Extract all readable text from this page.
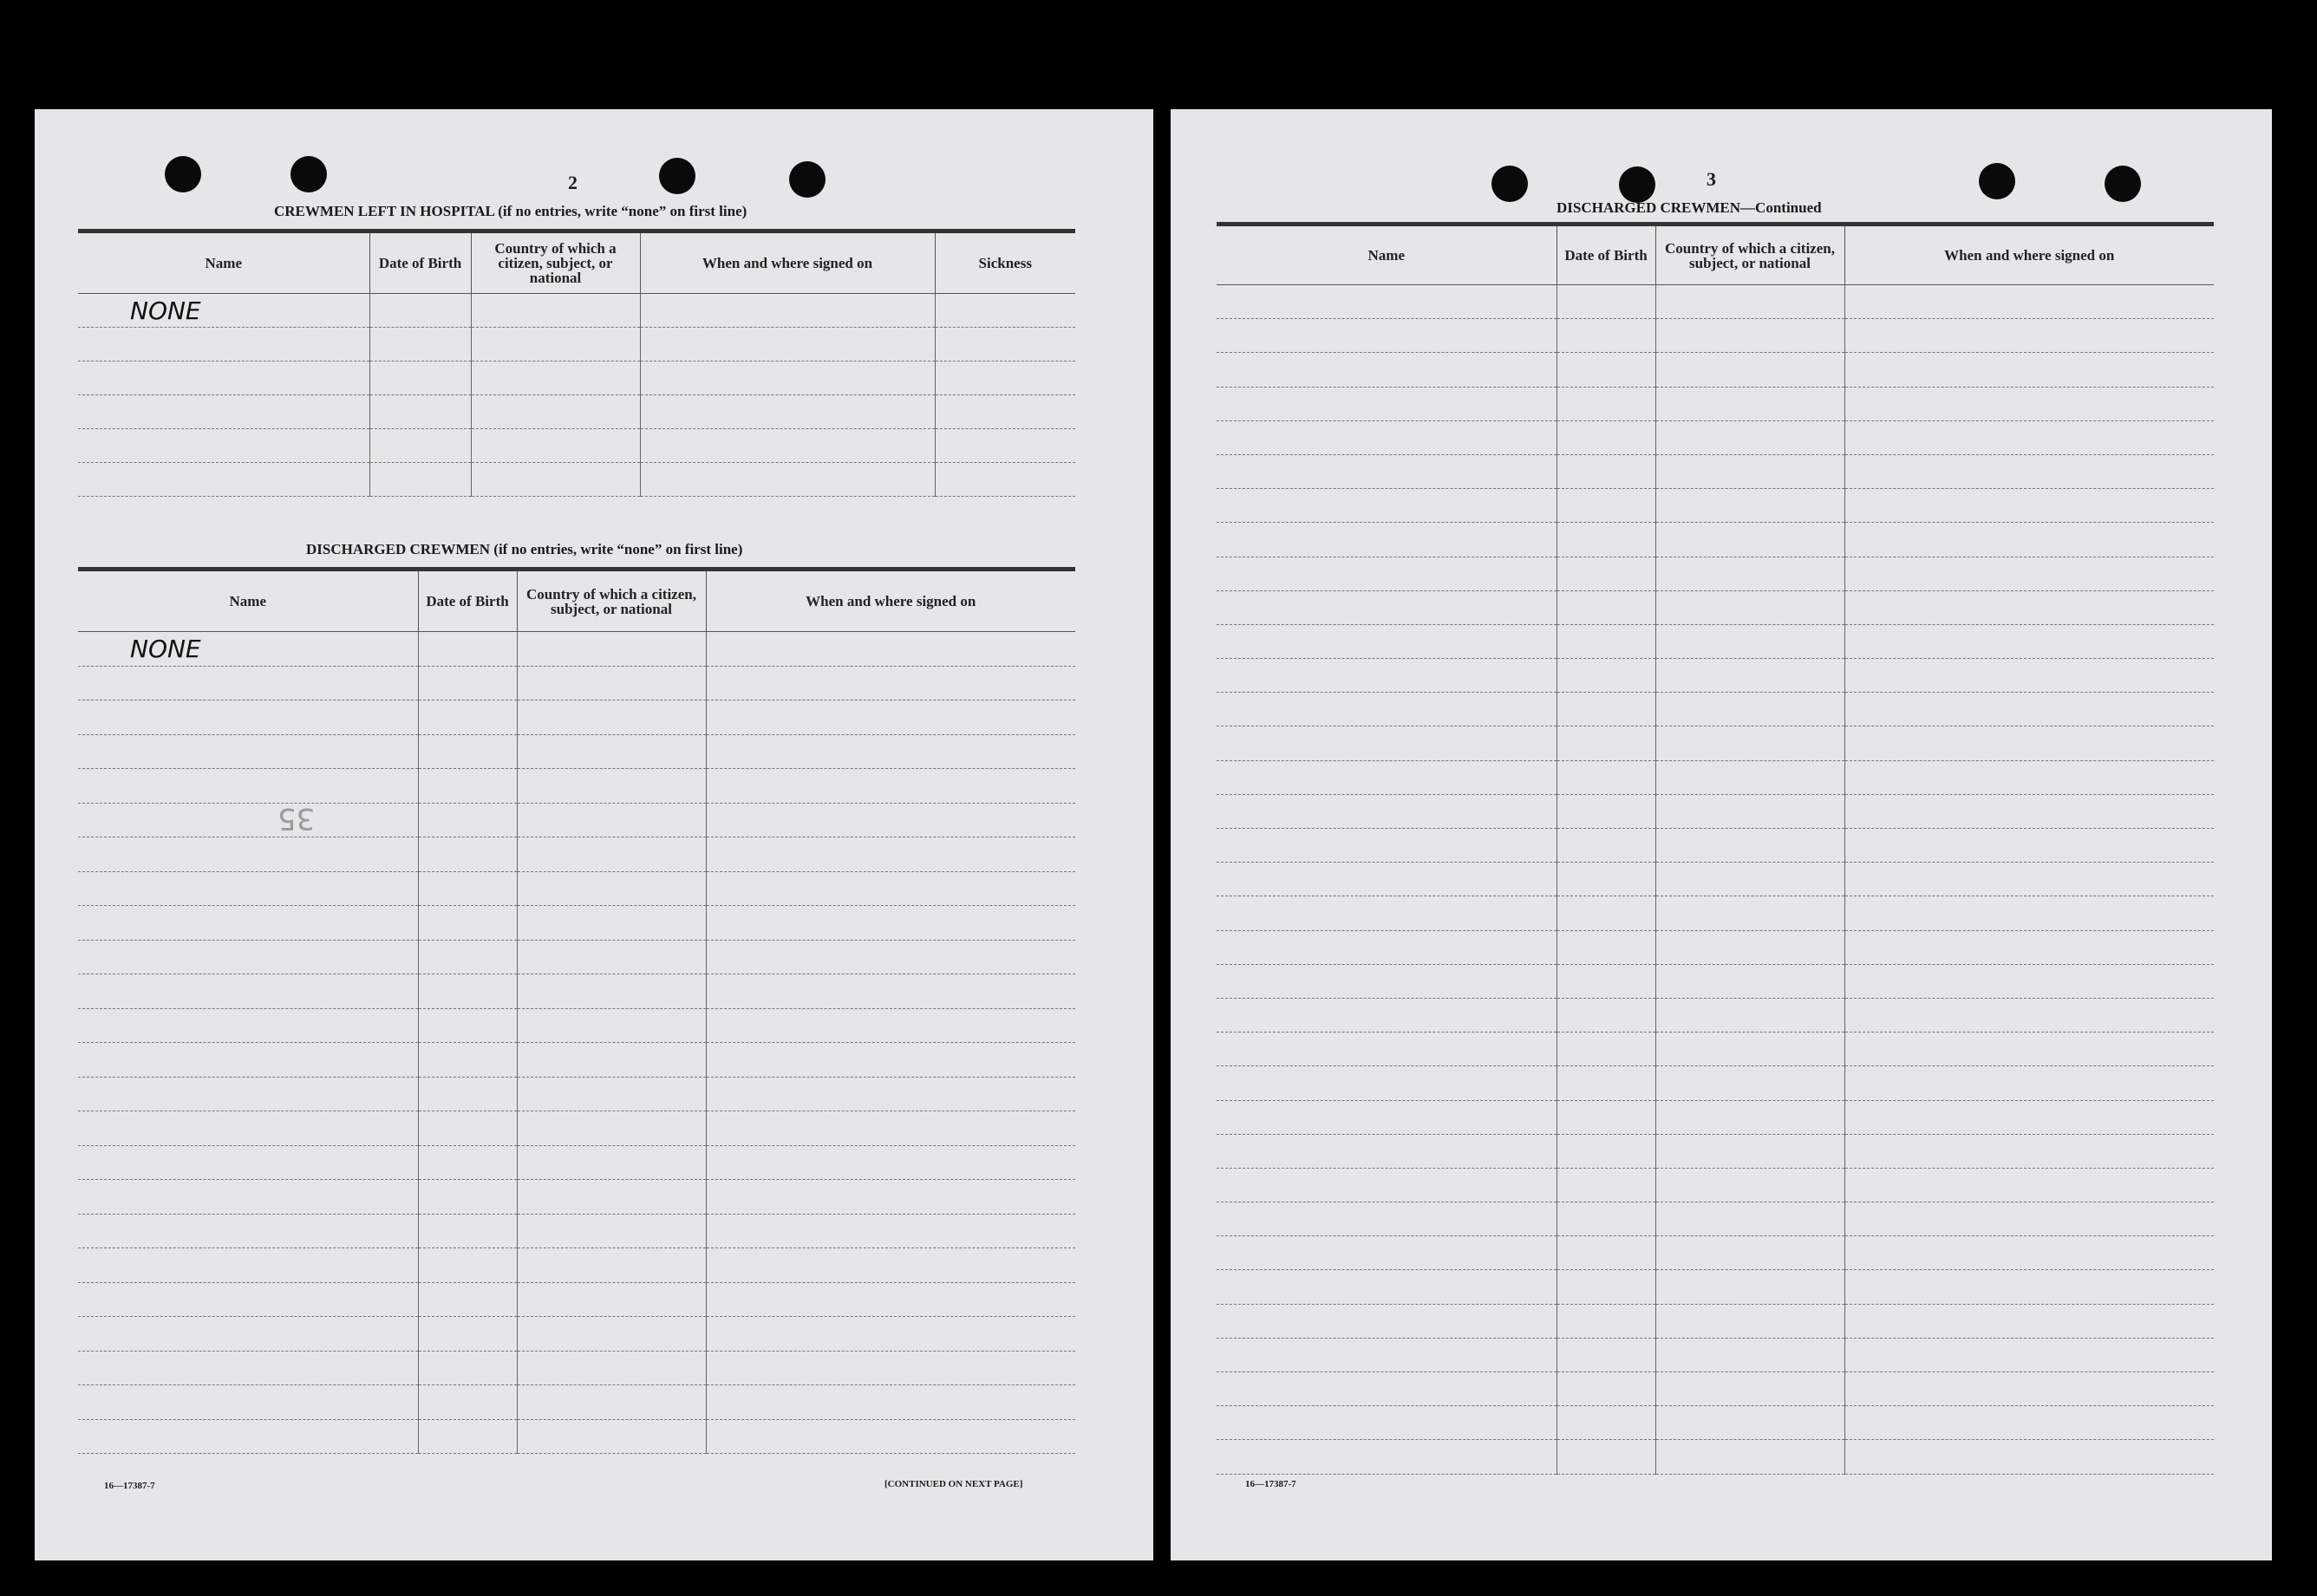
2
CREWMEN LEFT IN HOSPITAL (if no entries, write “none” on first line)
Name	Date of Birth	Country of which a citizen, subject, or national	When and where signed on	Sickness
NONE				

DISCHARGED CREWMEN (if no entries, write “none” on first line)
Name	Date of Birth	Country of which a citizen, subject, or national	When and where signed on
NONE			

35
16—17387-7	[CONTINUED ON NEXT PAGE]
3
DISCHARGED CREWMEN—Continued
Name	Date of Birth	Country of which a citizen, subject, or national	When and where signed on

16—17387-7
